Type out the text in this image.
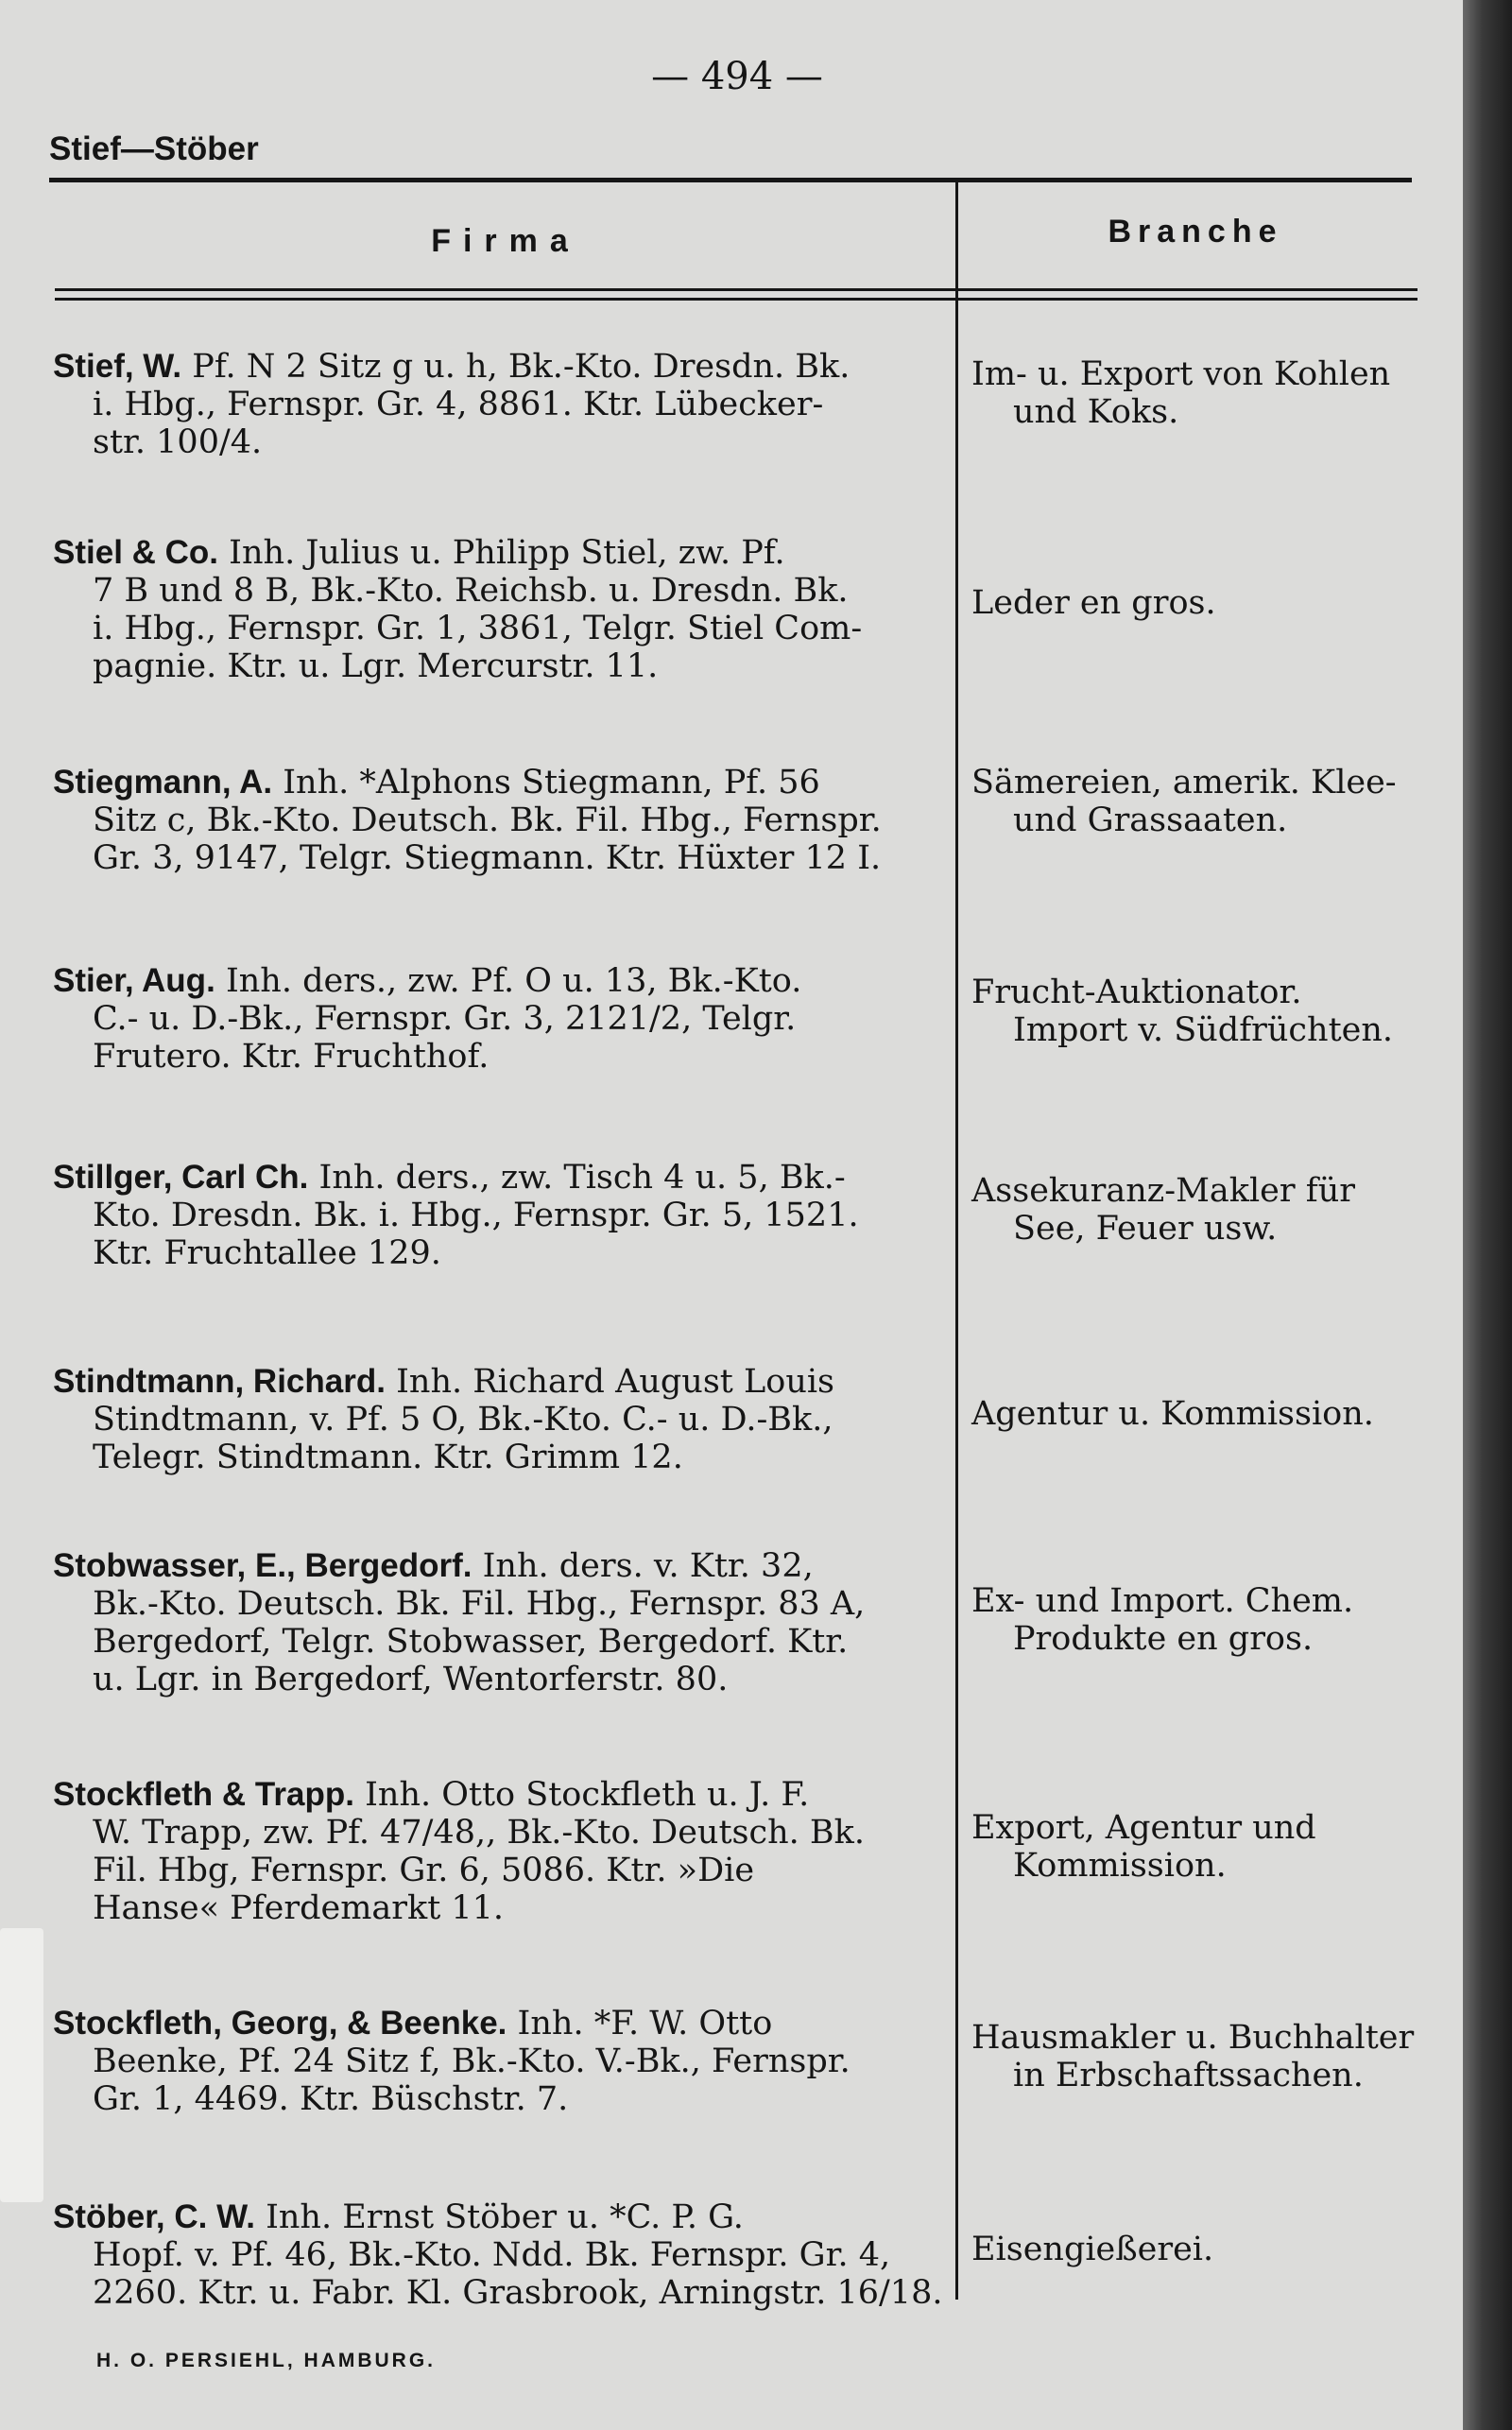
— 494 —
Stief—Stöber
Firma	Branche
Stief, W. Pf. N 2 Sitz g u. h, Bk.-Kto. Dresdn. Bk.
i. Hbg., Fernspr. Gr. 4, 8861. Ktr. Lübecker-
str. 100/4.
Im- u. Export von Kohlen
und Koks.
Stiel & Co. Inh. Julius u. Philipp Stiel, zw. Pf.
7 B und 8 B, Bk.-Kto. Reichsb. u. Dresdn. Bk.
i. Hbg., Fernspr. Gr. 1, 3861, Telgr. Stiel Com-
pagnie. Ktr. u. Lgr. Mercurstr. 11.
Leder en gros.
Stiegmann, A. Inh. *Alphons Stiegmann, Pf. 56
Sitz c, Bk.-Kto. Deutsch. Bk. Fil. Hbg., Fernspr.
Gr. 3, 9147, Telgr. Stiegmann. Ktr. Hüxter 12 I.
Sämereien, amerik. Klee-
und Grassaaten.
Stier, Aug. Inh. ders., zw. Pf. O u. 13, Bk.-Kto.
C.- u. D.-Bk., Fernspr. Gr. 3, 2121/2, Telgr.
Frutero. Ktr. Fruchthof.
Frucht-Auktionator.
Import v. Südfrüchten.
Stillger, Carl Ch. Inh. ders., zw. Tisch 4 u. 5, Bk.-
Kto. Dresdn. Bk. i. Hbg., Fernspr. Gr. 5, 1521.
Ktr. Fruchtallee 129.
Assekuranz-Makler für
See, Feuer usw.
Stindtmann, Richard. Inh. Richard August Louis
Stindtmann, v. Pf. 5 O, Bk.-Kto. C.- u. D.-Bk.,
Telegr. Stindtmann. Ktr. Grimm 12.
Agentur u. Kommission.
Stobwasser, E., Bergedorf. Inh. ders. v. Ktr. 32,
Bk.-Kto. Deutsch. Bk. Fil. Hbg., Fernspr. 83 A,
Bergedorf, Telgr. Stobwasser, Bergedorf. Ktr.
u. Lgr. in Bergedorf, Wentorferstr. 80.
Ex- und Import. Chem.
Produkte en gros.
Stockfleth & Trapp. Inh. Otto Stockfleth u. J. F.
W. Trapp, zw. Pf. 47/48,, Bk.-Kto. Deutsch. Bk.
Fil. Hbg, Fernspr. Gr. 6, 5086. Ktr. »Die
Hanse« Pferdemarkt 11.
Export, Agentur und
Kommission.
Stockfleth, Georg, & Beenke. Inh. *F. W. Otto
Beenke, Pf. 24 Sitz f, Bk.-Kto. V.-Bk., Fernspr.
Gr. 1, 4469. Ktr. Büschstr. 7.
Hausmakler u. Buchhalter
in Erbschaftssachen.
Stöber, C. W. Inh. Ernst Stöber u. *C. P. G.
Hopf. v. Pf. 46, Bk.-Kto. Ndd. Bk. Fernspr. Gr. 4,
2260. Ktr. u. Fabr. Kl. Grasbrook, Arningstr. 16/18.
Eisengießerei.
H. O. PERSIEHL, HAMBURG.
